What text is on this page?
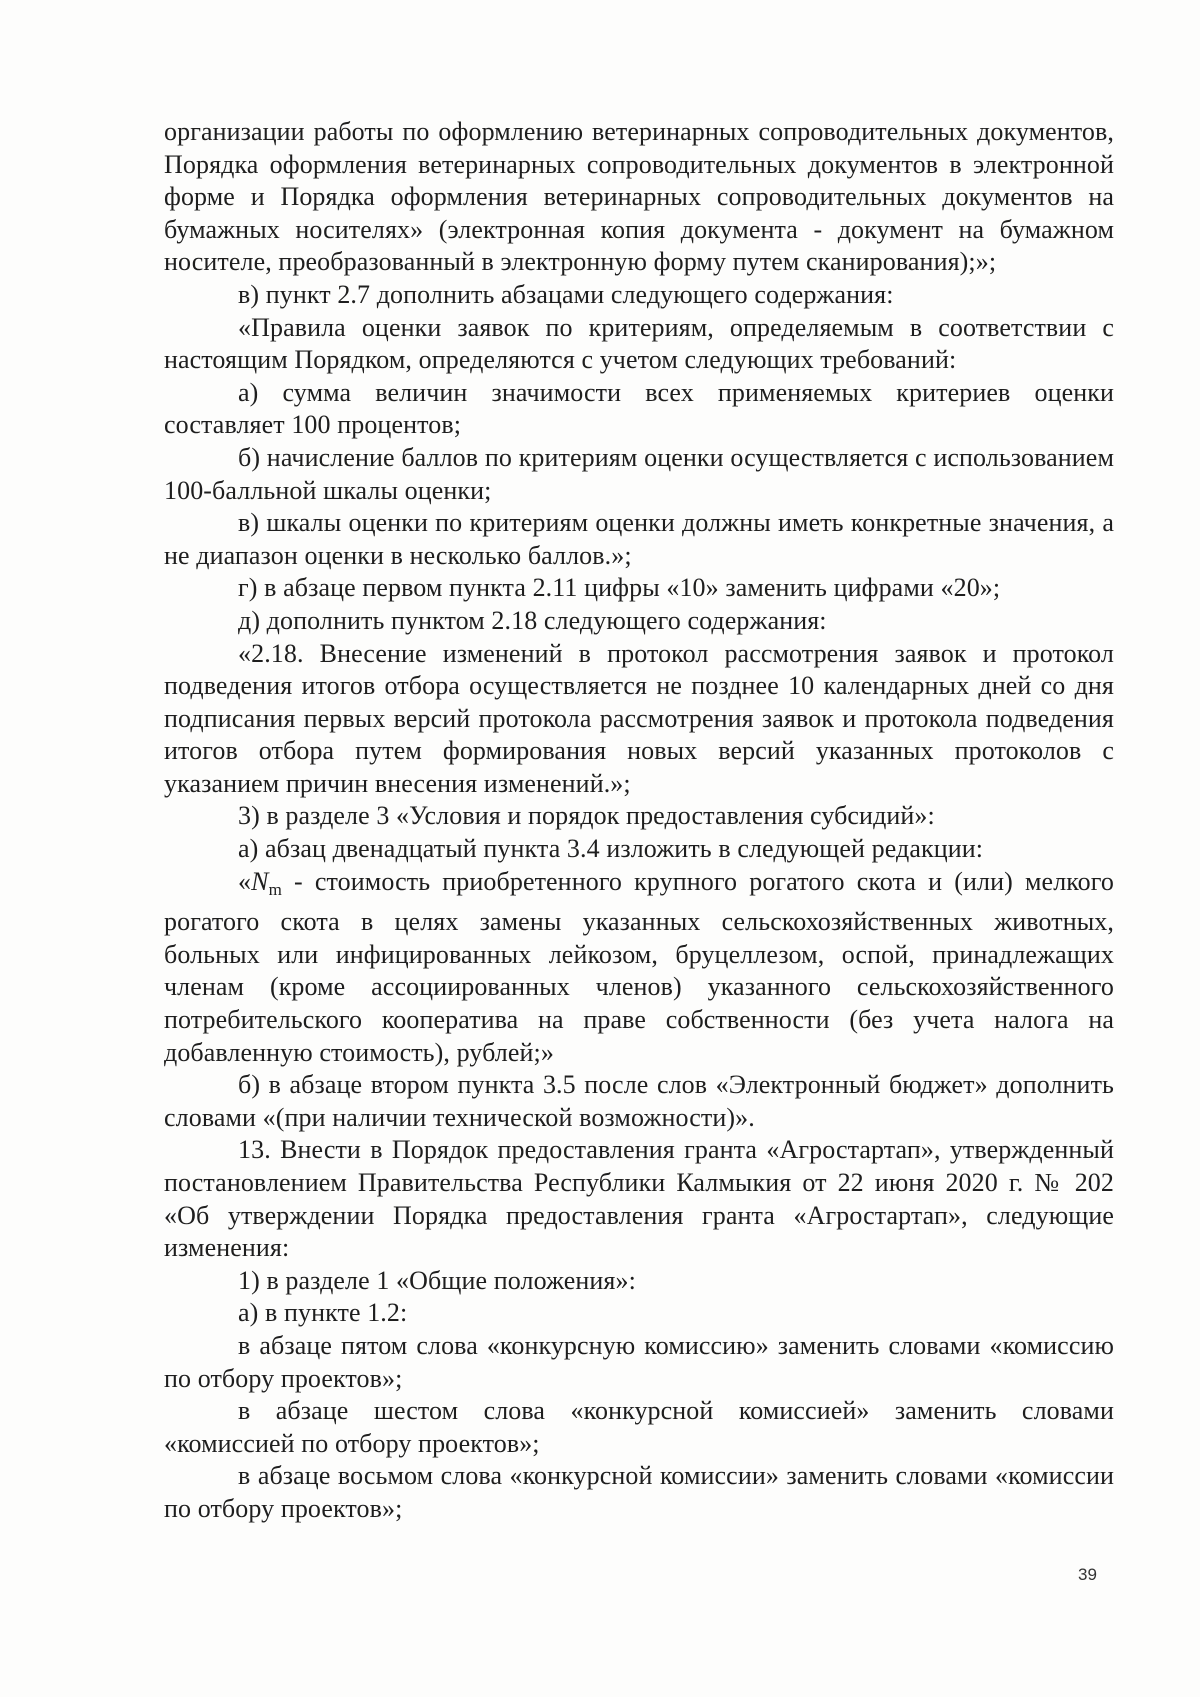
организации работы по оформлению ветеринарных сопроводительных документов, Порядка оформления ветеринарных сопроводительных документов в электронной форме и Порядка оформления ветеринарных сопроводительных документов на бумажных носителях» (электронная копия документа - документ на бумажном носителе, преобразованный в электронную форму путем сканирования);»;

в) пункт 2.7 дополнить абзацами следующего содержания:

«Правила оценки заявок по критериям, определяемым в соответствии с настоящим Порядком, определяются с учетом следующих требований:

а) сумма величин значимости всех применяемых критериев оценки составляет 100 процентов;

б) начисление баллов по критериям оценки осуществляется с использованием 100-балльной шкалы оценки;

в) шкалы оценки по критериям оценки должны иметь конкретные значения, а не диапазон оценки в несколько баллов.»;

г) в абзаце первом пункта 2.11 цифры «10» заменить цифрами «20»;

д) дополнить пунктом 2.18 следующего содержания:

«2.18. Внесение изменений в протокол рассмотрения заявок и протокол подведения итогов отбора осуществляется не позднее 10 календарных дней со дня подписания первых версий протокола рассмотрения заявок и протокола подведения итогов отбора путем формирования новых версий указанных протоколов с указанием причин внесения изменений.»;

3) в разделе 3 «Условия и порядок предоставления субсидий»:

а) абзац двенадцатый пункта 3.4 изложить в следующей редакции:

«$N_m$ - стоимость приобретенного крупного рогатого скота и (или) мелкого рогатого скота в целях замены указанных сельскохозяйственных животных, больных или инфицированных лейкозом, бруцеллезом, оспой, принадлежащих членам (кроме ассоциированных членов) указанного сельскохозяйственного потребительского кооператива на праве собственности (без учета налога на добавленную стоимость), рублей;»

б) в абзаце втором пункта 3.5 после слов «Электронный бюджет» дополнить словами «(при наличии технической возможности)».

13. Внести в Порядок предоставления гранта «Агростартап», утвержденный постановлением Правительства Республики Калмыкия от 22 июня 2020 г. № 202 «Об утверждении Порядка предоставления гранта «Агростартап», следующие изменения:

1) в разделе 1 «Общие положения»:

а) в пункте 1.2:

в абзаце пятом слова «конкурсную комиссию» заменить словами «комиссию по отбору проектов»;

в абзаце шестом слова «конкурсной комиссией» заменить словами «комиссией по отбору проектов»;

в абзаце восьмом слова «конкурсной комиссии» заменить словами «комиссии по отбору проектов»;

39
